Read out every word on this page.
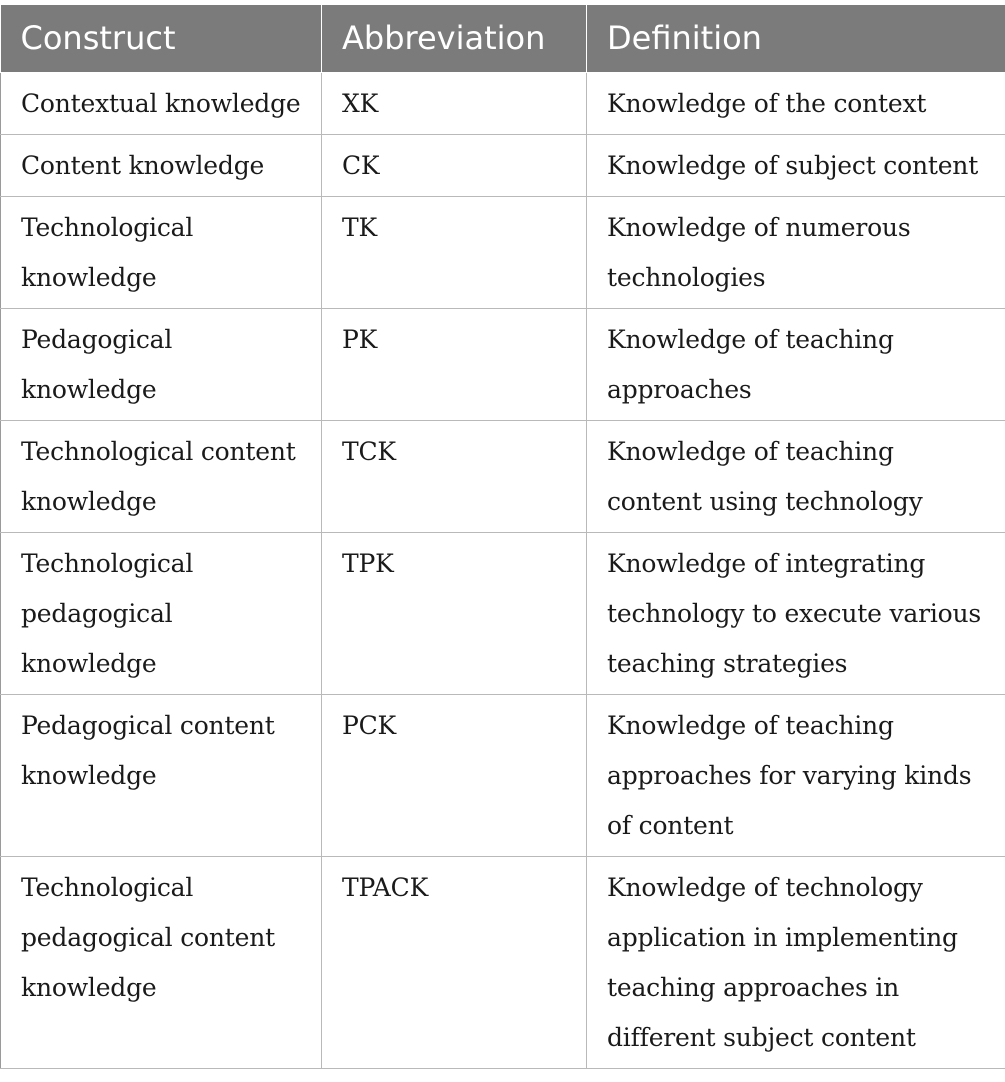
Construct	Abbreviation	Definition
Contextual knowledge	XK	Knowledge of the context
Content knowledge	CK	Knowledge of subject content
Technological knowledge	TK	Knowledge of numerous technologies
Pedagogical knowledge	PK	Knowledge of teaching approaches
Technological content knowledge	TCK	Knowledge of teaching content using technology
Technological pedagogical knowledge	TPK	Knowledge of integrating technology to execute various teaching strategies
Pedagogical content knowledge	PCK	Knowledge of teaching approaches for varying kinds of content
Technological pedagogical content knowledge	TPACK	Knowledge of technology application in implementing teaching approaches in different subject content
